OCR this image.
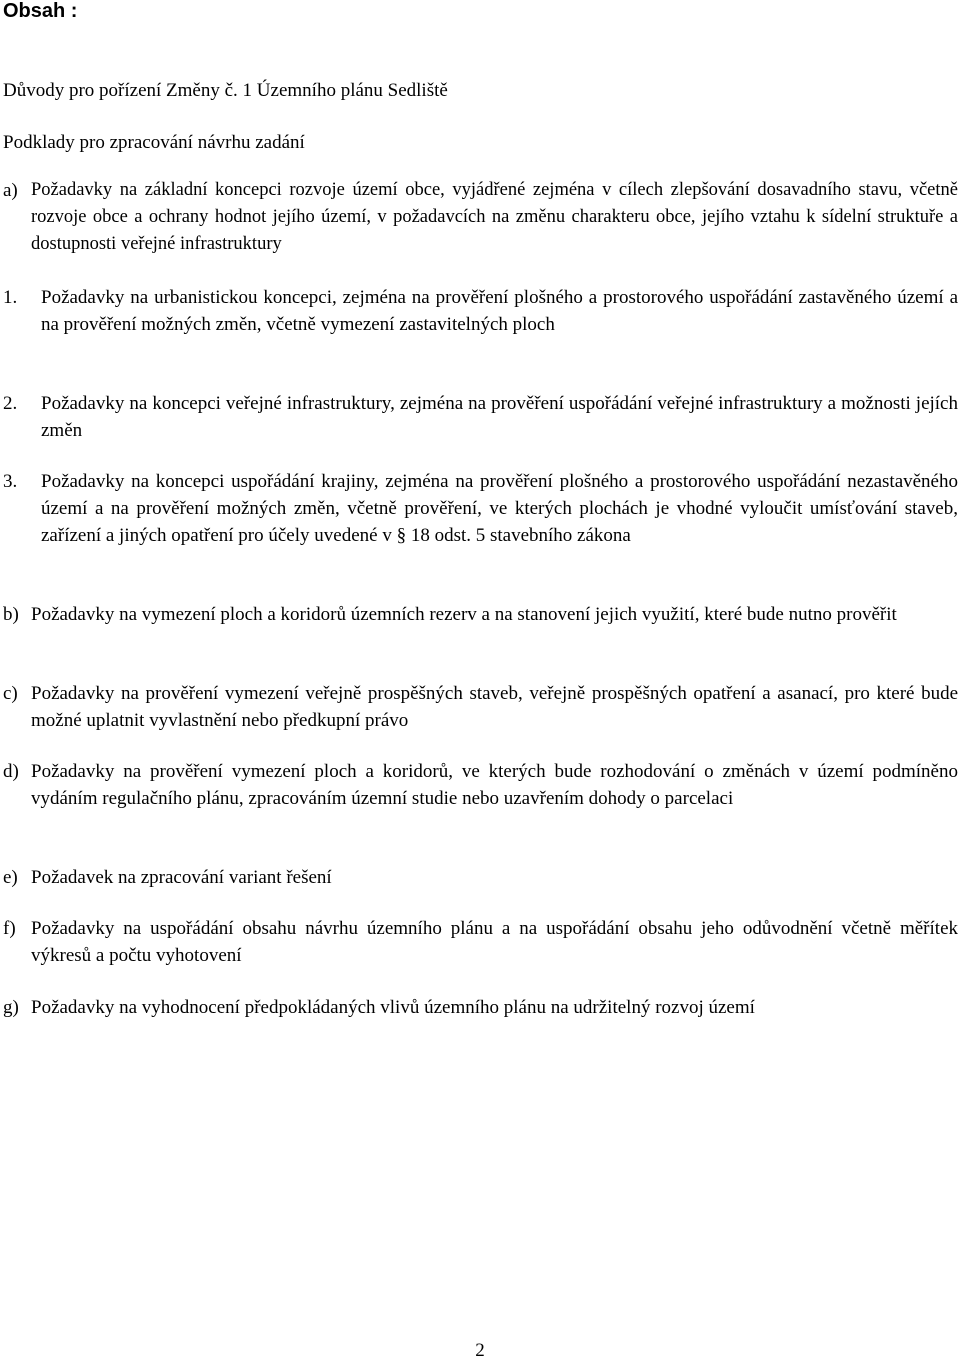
Obsah :
Důvody pro pořízení Změny č. 1 Územního plánu Sedliště
Podklady pro zpracování návrhu zadání
a) Požadavky na základní koncepci rozvoje území obce, vyjádřené zejména v cílech zlepšování dosavadního stavu, včetně rozvoje obce a ochrany hodnot jejího území, v požadavcích na změnu charakteru obce, jejího vztahu k sídelní struktuře a dostupnosti veřejné infrastruktury
1. Požadavky na urbanistickou koncepci, zejména na prověření plošného a prostorového uspořádání zastavěného území a na prověření možných změn, včetně vymezení zastavitelných ploch
2. Požadavky na koncepci veřejné infrastruktury, zejména na prověření uspořádání veřejné infrastruktury a možnosti jejích změn
3. Požadavky na koncepci uspořádání krajiny, zejména na prověření plošného a prostorového uspořádání nezastavěného území a na prověření možných změn, včetně prověření, ve kterých plochách je vhodné vyloučit umísťování staveb, zařízení a jiných opatření pro účely uvedené v § 18 odst. 5 stavebního zákona
b) Požadavky na vymezení ploch a koridorů územních rezerv a na stanovení jejich využití, které bude nutno prověřit
c) Požadavky na prověření vymezení veřejně prospěšných staveb, veřejně prospěšných opatření a asanací, pro které bude možné uplatnit vyvlastnění nebo předkupní právo
d) Požadavky na prověření vymezení ploch a koridorů, ve kterých bude rozhodování o změnách v území podmíněno vydáním regulačního plánu, zpracováním územní studie nebo uzavřením dohody o parcelaci
e) Požadavek na zpracování variant řešení
f) Požadavky na uspořádání obsahu návrhu územního plánu a na uspořádání obsahu jeho odůvodnění včetně měřítek výkresů a počtu vyhotovení
g) Požadavky na vyhodnocení předpokládaných vlivů územního plánu na udržitelný rozvoj území
2
